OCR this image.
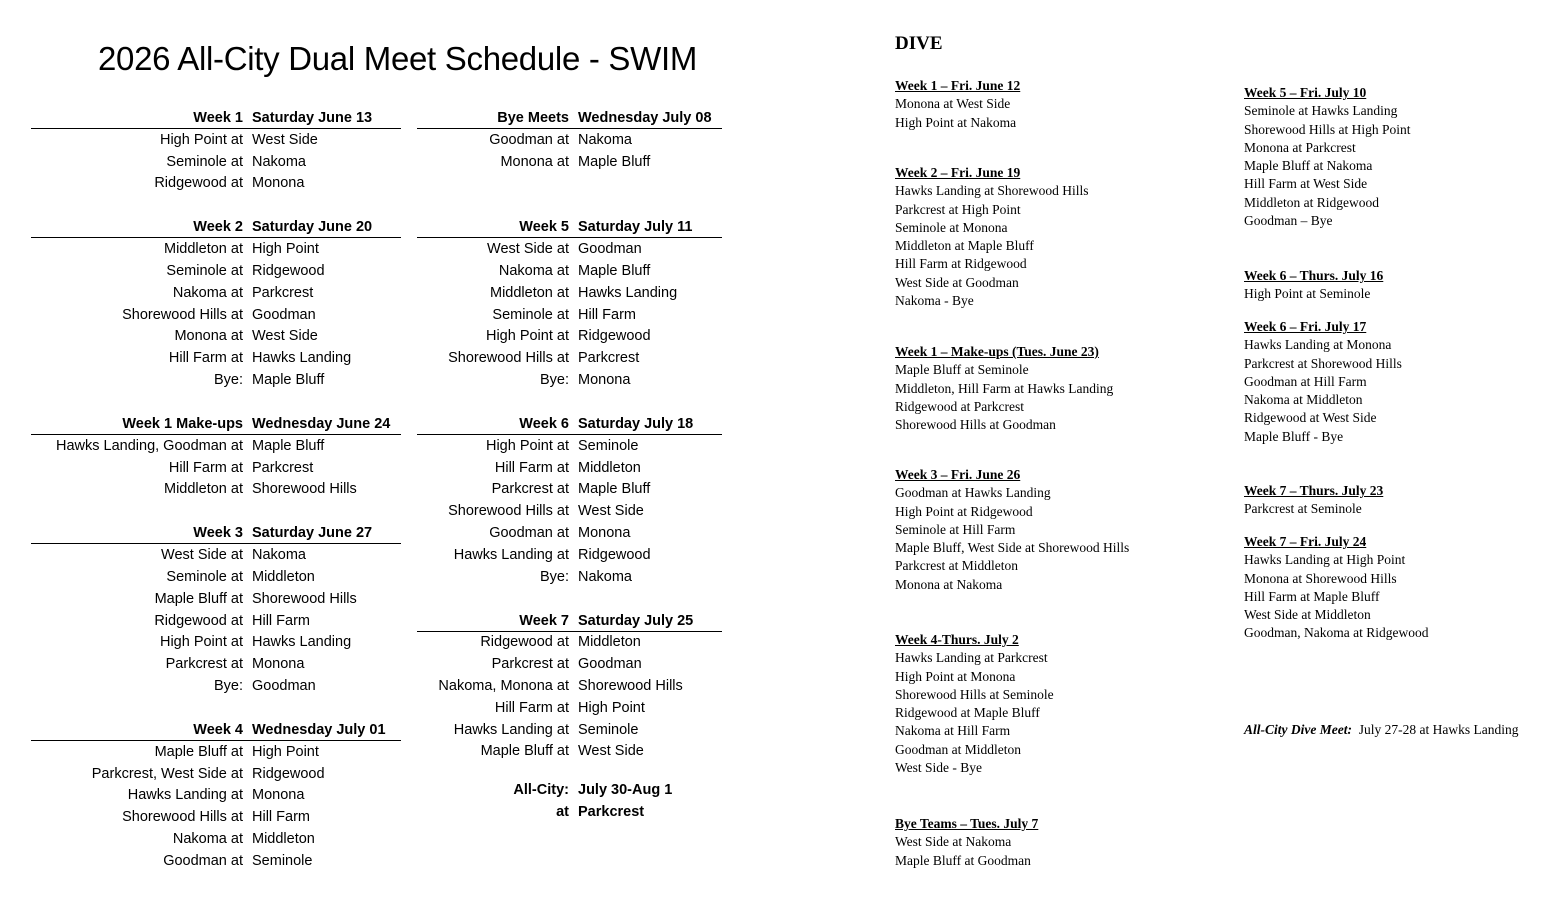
2026 All-City Dual Meet Schedule - SWIM
Week 1 Saturday June 13
High Point at West Side
Seminole at Nakoma
Ridgewood at Monona
Week 2 Saturday June 20
Middleton at High Point
Seminole at Ridgewood
Nakoma at Parkcrest
Shorewood Hills at Goodman
Monona at West Side
Hill Farm at Hawks Landing
Bye: Maple Bluff
Week 1 Make-ups Wednesday June 24
Hawks Landing, Goodman at Maple Bluff
Hill Farm at Parkcrest
Middleton at Shorewood Hills
Week 3 Saturday June 27
West Side at Nakoma
Seminole at Middleton
Maple Bluff at Shorewood Hills
Ridgewood at Hill Farm
High Point at Hawks Landing
Parkcrest at Monona
Bye: Goodman
Week 4 Wednesday July 01
Maple Bluff at High Point
Parkcrest, West Side at Ridgewood
Hawks Landing at Monona
Shorewood Hills at Hill Farm
Nakoma at Middleton
Goodman at Seminole
Bye Meets Wednesday July 08
Goodman at Nakoma
Monona at Maple Bluff
Week 5 Saturday July 11
West Side at Goodman
Nakoma at Maple Bluff
Middleton at Hawks Landing
Seminole at Hill Farm
High Point at Ridgewood
Shorewood Hills at Parkcrest
Bye: Monona
Week 6 Saturday July 18
High Point at Seminole
Hill Farm at Middleton
Parkcrest at Maple Bluff
Shorewood Hills at West Side
Goodman at Monona
Hawks Landing at Ridgewood
Bye: Nakoma
Week 7 Saturday July 25
Ridgewood at Middleton
Parkcrest at Goodman
Nakoma, Monona at Shorewood Hills
Hill Farm at High Point
Hawks Landing at Seminole
Maple Bluff at West Side
All-City: July 30-Aug 1
at Parkcrest
DIVE
Week 1 – Fri. June 12
Monona at West Side
High Point at Nakoma
Week 2 – Fri. June 19
Hawks Landing at Shorewood Hills
Parkcrest at High Point
Seminole at Monona
Middleton at Maple Bluff
Hill Farm at Ridgewood
West Side at Goodman
Nakoma - Bye
Week 1 – Make-ups (Tues. June 23)
Maple Bluff at Seminole
Middleton, Hill Farm at Hawks Landing
Ridgewood at Parkcrest
Shorewood Hills at Goodman
Week 3 – Fri. June 26
Goodman at Hawks Landing
High Point at Ridgewood
Seminole at Hill Farm
Maple Bluff, West Side at Shorewood Hills
Parkcrest at Middleton
Monona at Nakoma
Week 4-Thurs. July 2
Hawks Landing at Parkcrest
High Point at Monona
Shorewood Hills at Seminole
Ridgewood at Maple Bluff
Nakoma at Hill Farm
Goodman at Middleton
West Side - Bye
Bye Teams – Tues. July 7
West Side at Nakoma
Maple Bluff at Goodman
Week 5 – Fri. July 10
Seminole at Hawks Landing
Shorewood Hills at High Point
Monona at Parkcrest
Maple Bluff at Nakoma
Hill Farm at West Side
Middleton at Ridgewood
Goodman – Bye
Week 6 – Thurs. July 16
High Point at Seminole
Week 6 – Fri. July 17
Hawks Landing at Monona
Parkcrest at Shorewood Hills
Goodman at Hill Farm
Nakoma at Middleton
Ridgewood at West Side
Maple Bluff - Bye
Week 7 – Thurs. July 23
Parkcrest at Seminole
Week 7 – Fri. July 24
Hawks Landing at High Point
Monona at Shorewood Hills
Hill Farm at Maple Bluff
West Side at Middleton
Goodman, Nakoma at Ridgewood
All-City Dive Meet: July 27-28 at Hawks Landing
